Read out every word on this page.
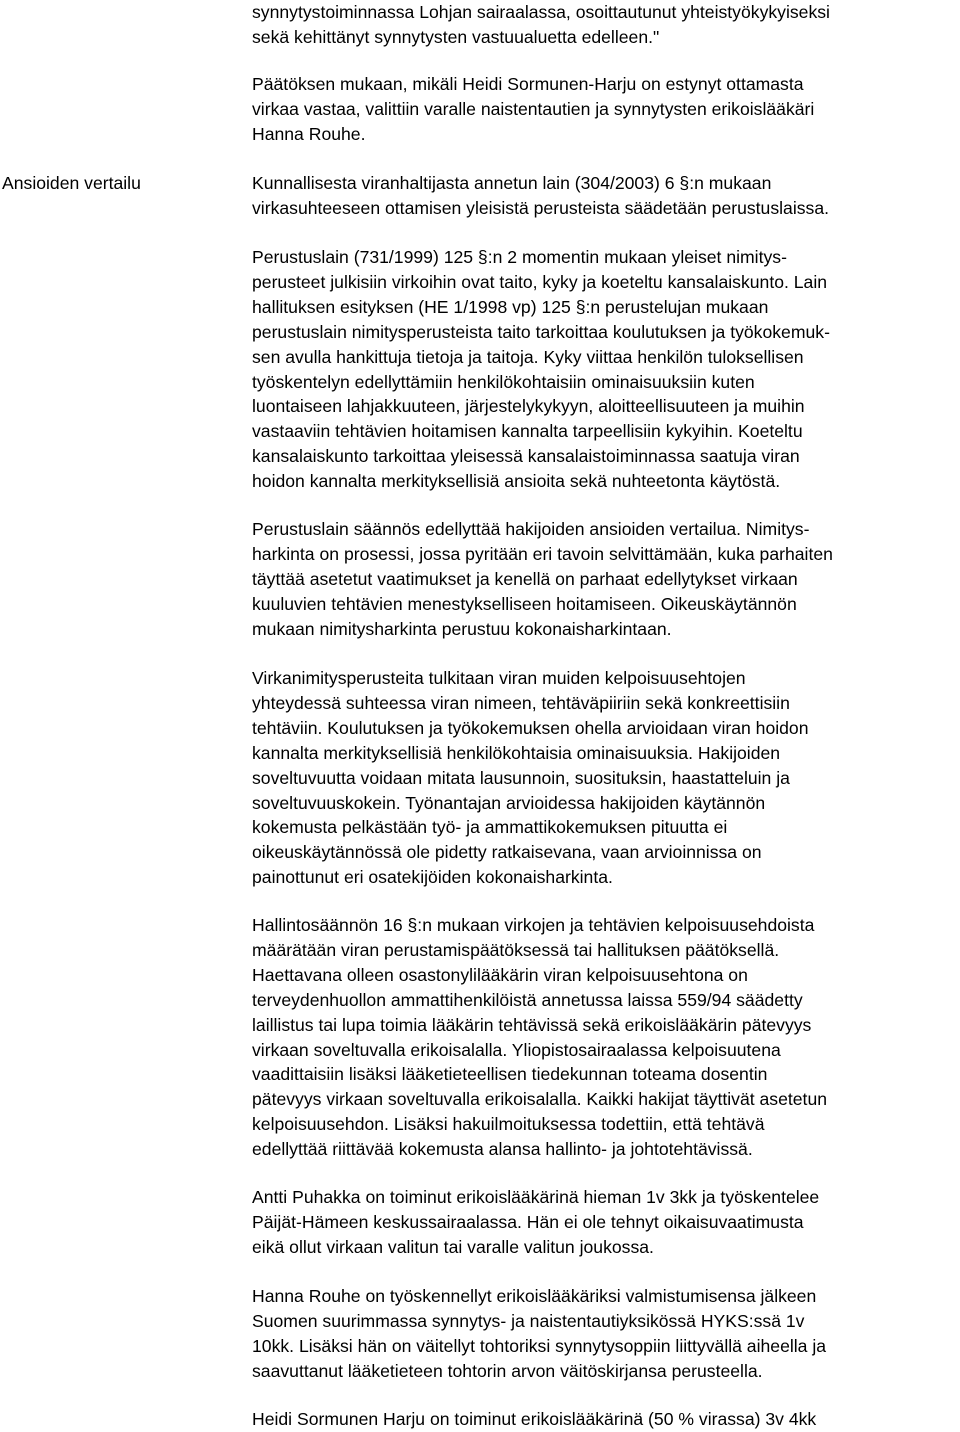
Ansioiden vertailu
synnytystoiminnassa Lohjan sairaalassa, osoittautunut yhteistyökykyiseksi
sekä kehittänyt synnytysten vastuualuetta edelleen."
Päätöksen mukaan, mikäli Heidi Sormunen-Harju on estynyt ottamasta
virkaa vastaa, valittiin varalle naistentautien ja synnytysten erikoislääkäri
Hanna Rouhe.
Kunnallisesta viranhaltijasta annetun lain (304/2003) 6 §:n mukaan
virkasuhteeseen ottamisen yleisistä perusteista säädetään perustuslaissa.
Perustuslain (731/1999) 125 §:n 2 momentin mukaan yleiset nimitys-
perusteet julkisiin virkoihin ovat taito, kyky ja koeteltu kansalaiskunto. Lain
hallituksen esityksen (HE 1/1998 vp) 125 §:n perustelujan mukaan
perustuslain nimitysperusteista taito tarkoittaa koulutuksen ja työkokemuk-
sen avulla hankittuja tietoja ja taitoja. Kyky viittaa henkilön tuloksellisen
työskentelyn edellyttämiin henkilökohtaisiin ominaisuuksiin kuten
luontaiseen lahjakkuuteen, järjestelykykyyn, aloitteellisuuteen ja muihin
vastaaviin tehtävien hoitamisen kannalta tarpeellisiin kykyihin. Koeteltu
kansalaiskunto tarkoittaa yleisessä kansalaistoiminnassa saatuja viran
hoidon kannalta merkityksellisiä ansioita sekä nuhteetonta käytöstä.
Perustuslain säännös edellyttää hakijoiden ansioiden vertailua. Nimitys-
harkinta on prosessi, jossa pyritään eri tavoin selvittämään, kuka parhaiten
täyttää asetetut vaatimukset ja kenellä on parhaat edellytykset virkaan
kuuluvien tehtävien menestykselliseen hoitamiseen. Oikeuskäytännön
mukaan nimitysharkinta perustuu kokonaisharkintaan.
Virkanimitysperusteita tulkitaan viran muiden kelpoisuusehtojen
yhteydessä suhteessa viran nimeen, tehtäväpiiriin sekä konkreettisiin
tehtäviin. Koulutuksen ja työkokemuksen ohella arvioidaan viran hoidon
kannalta merkityksellisiä henkilökohtaisia ominaisuuksia. Hakijoiden
soveltuvuutta voidaan mitata lausunnoin, suosituksin, haastatteluin ja
soveltuvuuskokein. Työnantajan arvioidessa hakijoiden käytännön
kokemusta pelkästään työ- ja ammattikokemuksen pituutta ei
oikeuskäytännössä ole pidetty ratkaisevana, vaan arvioinnissa on
painottunut eri osatekijöiden kokonaisharkinta.
Hallintosäännön 16 §:n mukaan virkojen ja tehtävien kelpoisuusehdoista
määrätään viran perustamispäätöksessä tai hallituksen päätöksellä.
Haettavana olleen osastonylilääkärin viran kelpoisuusehtona on
terveydenhuollon ammattihenkilöistä annetussa laissa 559/94 säädetty
laillistus tai lupa toimia lääkärin tehtävissä sekä erikoislääkärin pätevyys
virkaan soveltuvalla erikoisalalla. Yliopistosairaalassa kelpoisuutena
vaadittaisiin lisäksi lääketieteellisen tiedekunnan toteama dosentin
pätevyys virkaan soveltuvalla erikoisalalla. Kaikki hakijat täyttivät asetetun
kelpoisuusehdon. Lisäksi hakuilmoituksessa todettiin, että tehtävä
edellyttää riittävää kokemusta alansa hallinto- ja johtotehtävissä.
Antti Puhakka on toiminut erikoislääkärinä hieman 1v 3kk ja työskentelee
Päijät-Hämeen keskussairaalassa. Hän ei ole tehnyt oikaisuvaatimusta
eikä ollut virkaan valitun tai varalle valitun joukossa.
Hanna Rouhe on työskennellyt erikoislääkäriksi valmistumisensa jälkeen
Suomen suurimmassa synnytys- ja naistentautiyksikössä HYKS:ssä 1v
10kk. Lisäksi hän on väitellyt tohtoriksi synnytysoppiin liittyvällä aiheella ja
saavuttanut lääketieteen tohtorin arvon väitöskirjansa perusteella.
Heidi Sormunen Harju on toiminut erikoislääkärinä (50 % virassa) 3v 4kk
